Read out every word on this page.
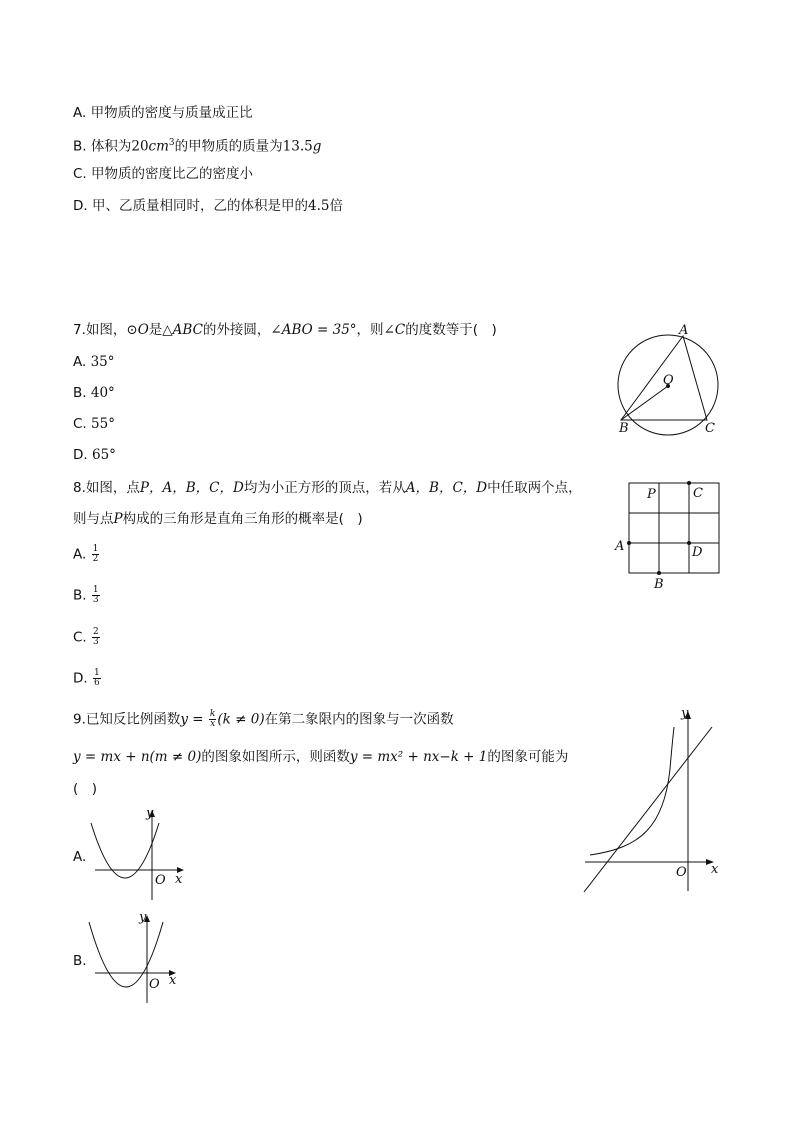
A. 甲物质的密度与质量成正比
B. 体积为$20cm^3$的甲物质的质量为13.5g
C. 甲物质的密度比乙的密度小
D. 甲、乙质量相同时，乙的体积是甲的4.5倍
7.如图，⊙O是△ABC的外接圆，∠ABO = 35°，则∠C的度数等于(　)
A. 35°
B. 40°
C. 55°
D. 65°
A
O
B	C
8.如图，点P，A，B，C，D均为小正方形的顶点，若从A，B，C，D中任取两个点，
则与点P构成的三角形是直角三角形的概率是(　)
A. $\frac{1}{2}$
B. $\frac{1}{3}$
C. $\frac{2}{3}$
D. $\frac{1}{6}$
P	C
A	D
B
9.已知反比例函数$y = \frac{k}{x} (k \ne 0)$在第二象限内的图象与一次函数
y = mx + n(m ≠ 0)的图象如图所示，则函数y = mx² + nx−k + 1的图象可能为
(　)
A.
B.
y
x
O
y
x
O
y
x
O
